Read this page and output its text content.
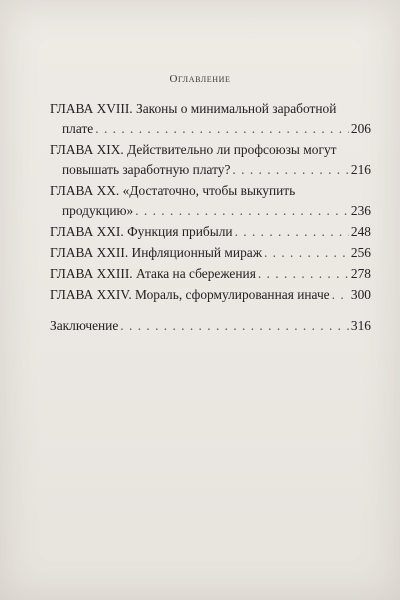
Оглавление
ГЛАВА XVIII. Законы о минимальной заработной
плате . . .	206
ГЛАВА XIX. Действительно ли профсоюзы могут
повышать заработную плату? . . .	216
ГЛАВА XX. «Достаточно, чтобы выкупить
продукцию» . . .	236
ГЛАВА XXI. Функция прибыли . . .	248
ГЛАВА XXII. Инфляционный мираж . . .	256
ГЛАВА XXIII. Атака на сбережения . . .	278
ГЛАВА XXIV. Мораль, сформулированная иначе . . . 300
Заключение . . .	316
